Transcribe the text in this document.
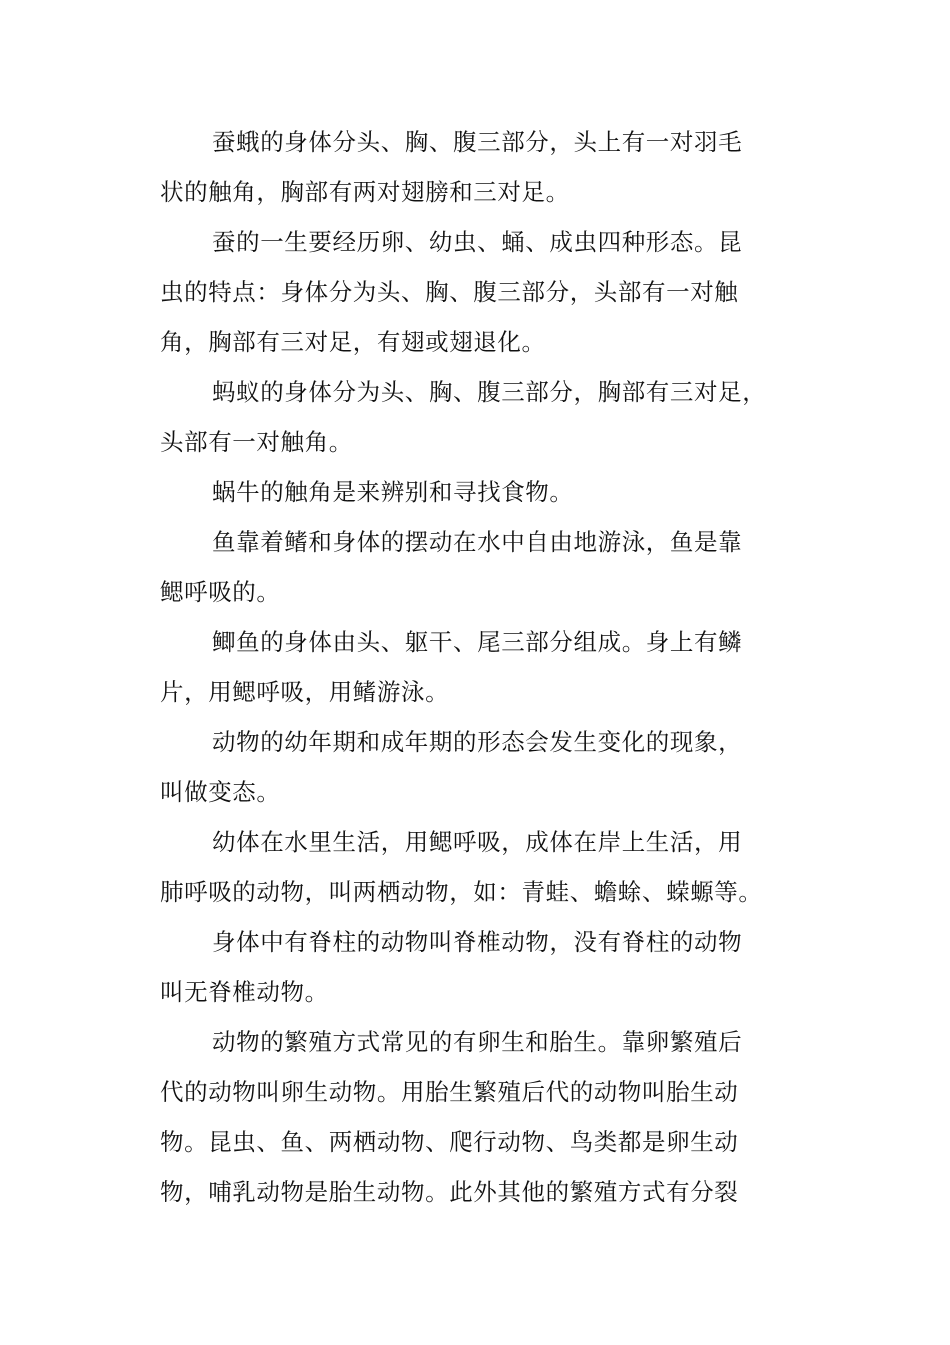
蚕蛾的身体分头、胸、腹三部分，头上有一对羽毛
状的触角，胸部有两对翅膀和三对足。
蚕的一生要经历卵、幼虫、蛹、成虫四种形态。昆
虫的特点：身体分为头、胸、腹三部分，头部有一对触
角，胸部有三对足，有翅或翅退化。
蚂蚁的身体分为头、胸、腹三部分，胸部有三对足，
头部有一对触角。
蜗牛的触角是来辨别和寻找食物。
鱼靠着鳍和身体的摆动在水中自由地游泳，鱼是靠
鳃呼吸的。
鲫鱼的身体由头、躯干、尾三部分组成。身上有鳞
片，用鳃呼吸，用鳍游泳。
动物的幼年期和成年期的形态会发生变化的现象，
叫做变态。
幼体在水里生活，用鳃呼吸，成体在岸上生活，用
肺呼吸的动物，叫两栖动物，如：青蛙、蟾蜍、蝾螈等。
身体中有脊柱的动物叫脊椎动物，没有脊柱的动物
叫无脊椎动物。
动物的繁殖方式常见的有卵生和胎生。靠卵繁殖后
代的动物叫卵生动物。用胎生繁殖后代的动物叫胎生动
物。昆虫、鱼、两栖动物、爬行动物、鸟类都是卵生动
物，哺乳动物是胎生动物。此外其他的繁殖方式有分裂
